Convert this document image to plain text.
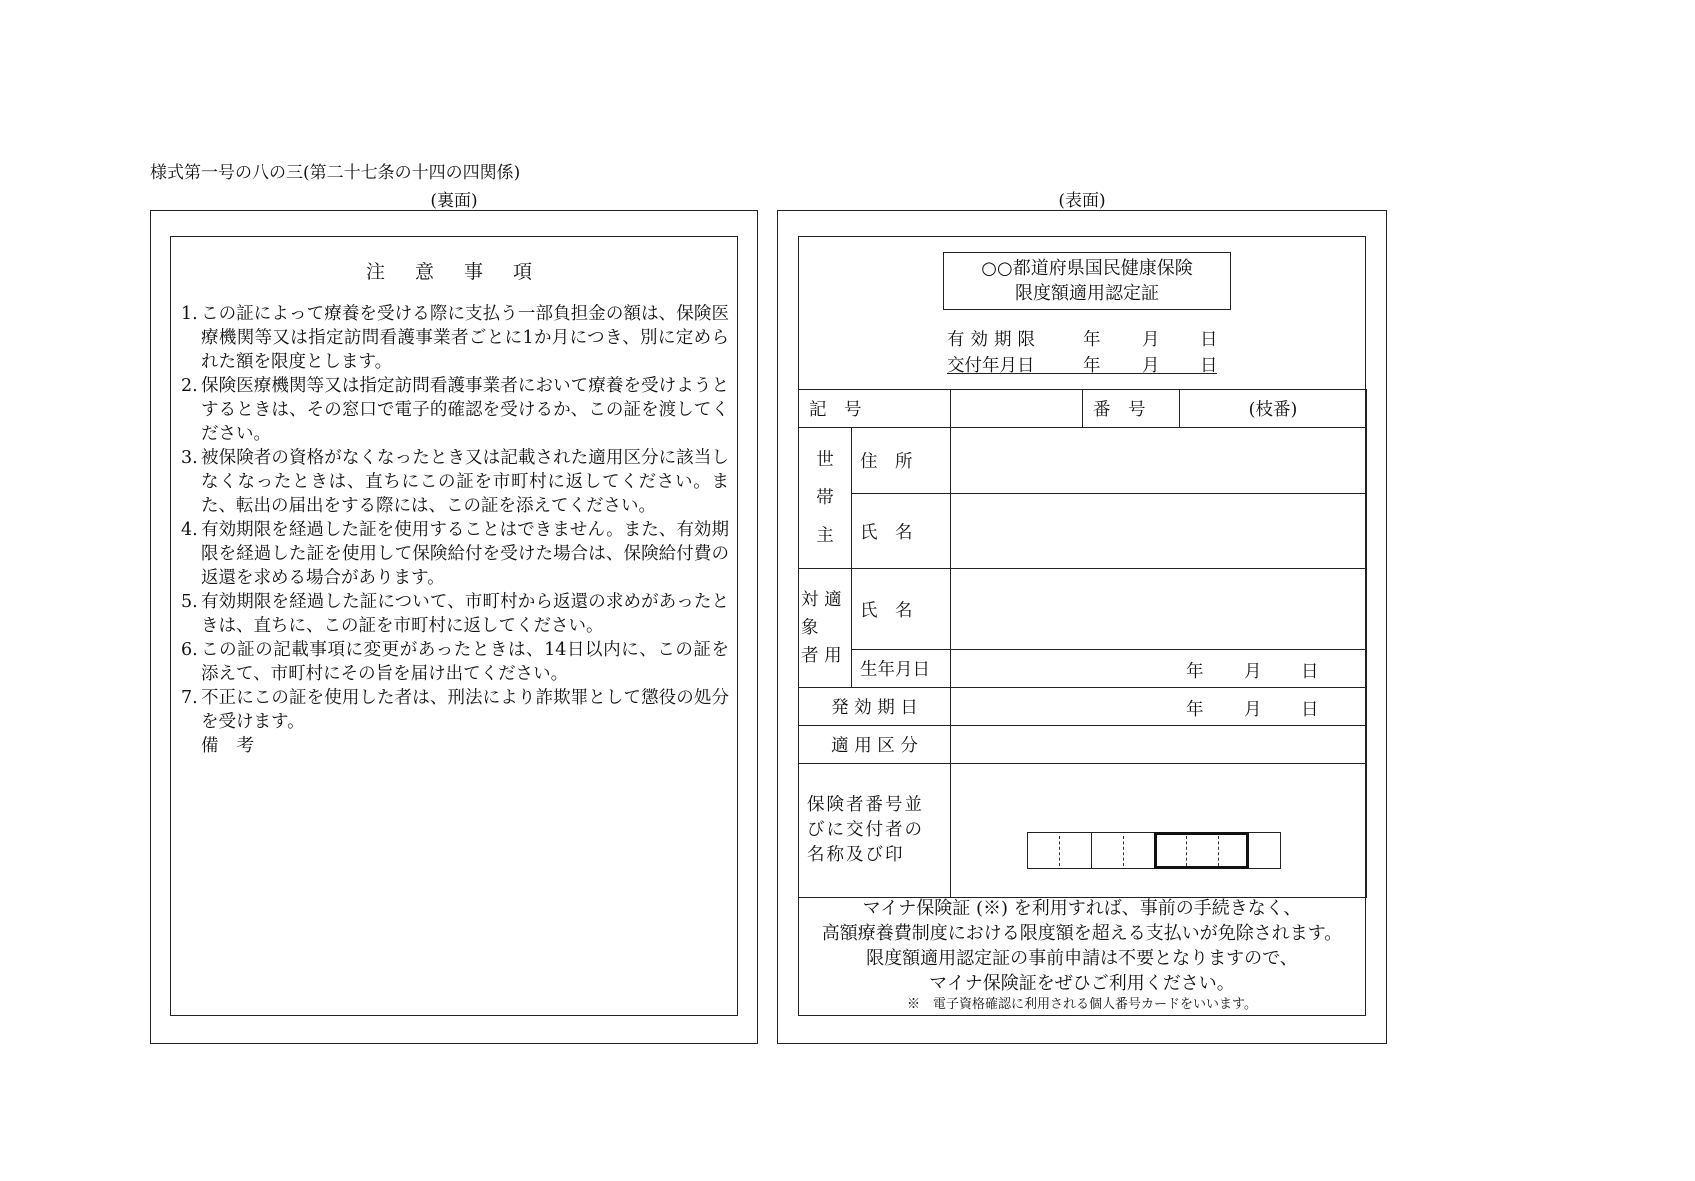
様式第一号の八の三(第二十七条の十四の四関係)
(裏面)	(表面)
注 意 事 項
1. この証によって療養を受ける際に支払う一部負担金の額は、保険医療機関等又は指定訪問看護事業者ごとに1か月につき、別に定められた額を限度とします。
2. 保険医療機関等又は指定訪問看護事業者において療養を受けようとするときは、その窓口で電子的確認を受けるか、この証を渡してください。
3. 被保険者の資格がなくなったとき又は記載された適用区分に該当しなくなったときは、直ちにこの証を市町村に返してください。また、転出の届出をする際には、この証を添えてください。
4. 有効期限を経過した証を使用することはできません。また、有効期限を経過した証を使用して保険給付を受けた場合は、保険給付費の返還を求める場合があります。
5. 有効期限を経過した証について、市町村から返還の求めがあったときは、直ちに、この証を市町村に返してください。
6. この証の記載事項に変更があったときは、14日以内に、この証を添えて、市町村にその旨を届け出てください。
7. 不正にこの証を使用した者は、刑法により詐欺罪として懲役の処分を受けます。
備考
○○都道府県国民健康保険
限度額適用認定証
有効期限 年 月 日
交付年月日	年 月 日
記　号			番　号	(枝番)

世
帯
主	住　所			
	氏　名			

対 適
象
者 用	氏　名			
	生年月日	年 月 日		

発 効 期 日		年 月 日		

適 用 区 分				

保険者番号並
びに交付者の
名称及び印				

マイナ保険証 (※) を利用すれば、事前の手続きなく、
高額療養費制度における限度額を超える支払いが免除されます。
限度額適用認定証の事前申請は不要となりますので、
マイナ保険証をぜひご利用ください。
※　電子資格確認に利用される個人番号カードをいいます。
